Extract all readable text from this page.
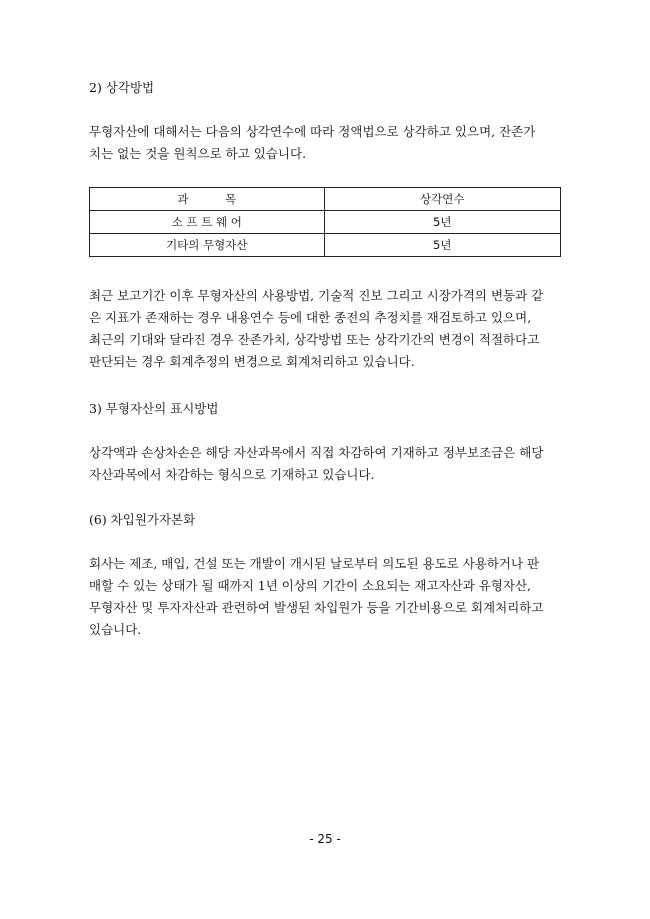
2) 상각방법
무형자산에 대해서는 다음의 상각연수에 따라 정액법으로 상각하고 있으며, 잔존가
치는 없는 것을 원칙으로 하고 있습니다.
과          목	상각연수
소 프 트 웨 어	5년
기타의 무형자산	5년
최근 보고기간 이후 무형자산의 사용방법, 기술적 진보 그리고 시장가격의 변동과 같
은 지표가 존재하는 경우 내용연수 등에 대한 종전의 추정치를 재검토하고 있으며,
최근의 기대와 달라진 경우 잔존가치, 상각방법 또는 상각기간의 변경이 적절하다고
판단되는 경우 회계추정의 변경으로 회계처리하고 있습니다.
3) 무형자산의 표시방법
상각액과 손상차손은 해당 자산과목에서 직접 차감하여 기재하고 정부보조금은 해당
자산과목에서 차감하는 형식으로 기재하고 있습니다.
(6) 차입원가자본화
회사는 제조, 매입, 건설 또는 개발이 개시된 날로부터 의도된 용도로 사용하거나 판
매할 수 있는 상태가 될 때까지 1년 이상의 기간이 소요되는 재고자산과 유형자산,
무형자산 및 투자자산과 관련하여 발생된 차입원가 등을 기간비용으로 회계처리하고
있습니다.
- 25 -
